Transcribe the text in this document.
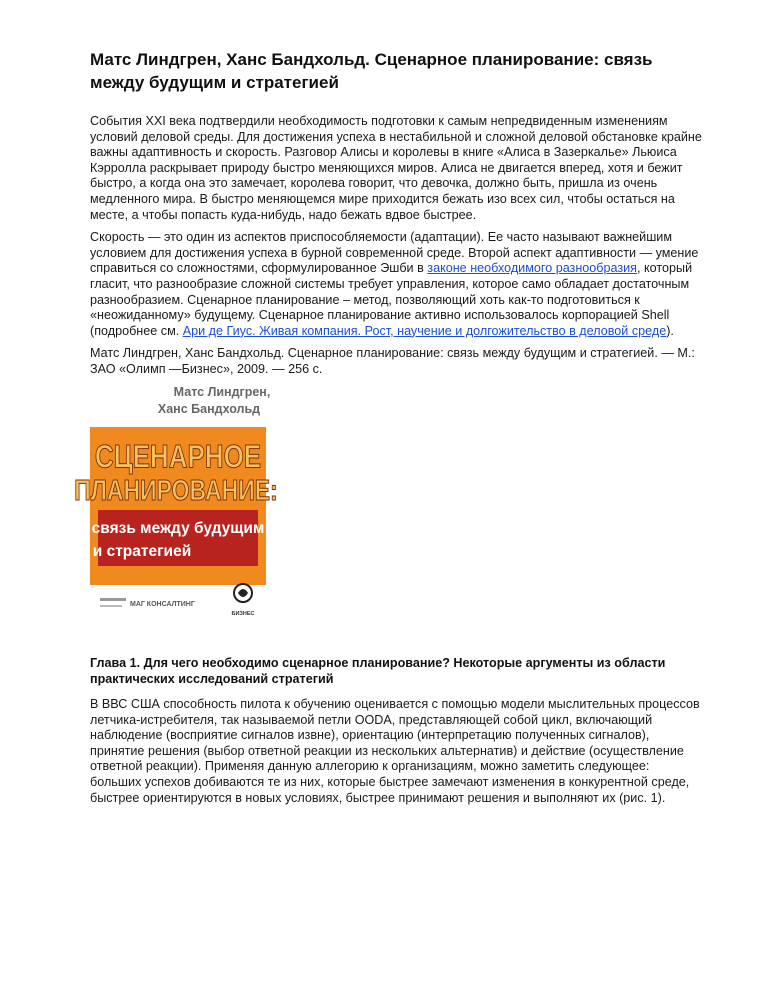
Матс Линдгрен, Ханс Бандхольд. Сценарное планирование: связь между будущим и стратегией

События XXI века подтвердили необходимость подготовки к самым непредвиденным изменениям условий деловой среды. Для достижения успеха в нестабильной и сложной деловой обстановке крайне важны адаптивность и скорость. Разговор Алисы и королевы в книге «Алиса в Зазеркалье» Льюиса Кэрролла раскрывает природу быстро меняющихся миров. Алиса не двигается вперед, хотя и бежит быстро, а когда она это замечает, королева говорит, что девочка, должно быть, пришла из очень медленного мира. В быстро меняющемся мире приходится бежать изо всех сил, чтобы остаться на месте, а чтобы попасть куда-нибудь, надо бежать вдвое быстрее.

Скорость — это один из аспектов приспособляемости (адаптации). Ее часто называют важнейшим условием для достижения успеха в бурной современной среде. Второй аспект адаптивности — умение справиться со сложностями, сформулированное Эшби в законе необходимого разнообразия, который гласит, что разнообразие сложной системы требует управления, которое само обладает достаточным разнообразием. Сценарное планирование – метод, позволяющий хоть как-то подготовиться к «неожиданному» будущему. Сценарное планирование активно использовалось корпорацией Shell (подробнее см. Ари де Гиус. Живая компания. Рост, научение и долгожительство в деловой среде).

Матс Линдгрен, Ханс Бандхольд. Сценарное планирование: связь между будущим и стратегией. — М.: ЗАО «Олимп —Бизнес», 2009. — 256 с.

Матс Линдгрен,
Ханс Бандхольд
СЦЕНАРНОЕ
ПЛАНИРОВАНИЕ:
связь между будущим
и стратегией
МАГ КОНСАЛТИНГ
БИЗНЕС

Глава 1. Для чего необходимо сценарное планирование? Некоторые аргументы из области практических исследований стратегий

В ВВС США способность пилота к обучению оценивается с помощью модели мыслительных процессов летчика-истребителя, так называемой петли OODA, представляющей собой цикл, включающий наблюдение (восприятие сигналов извне), ориентацию (интерпретацию полученных сигналов), принятие решения (выбор ответной реакции из нескольких альтернатив) и действие (осуществление ответной реакции). Применяя данную аллегорию к организациям, можно заметить следующее: больших успехов добиваются те из них, которые быстрее замечают изменения в конкурентной среде, быстрее ориентируются в новых условиях, быстрее принимают решения и выполняют их (рис. 1).
